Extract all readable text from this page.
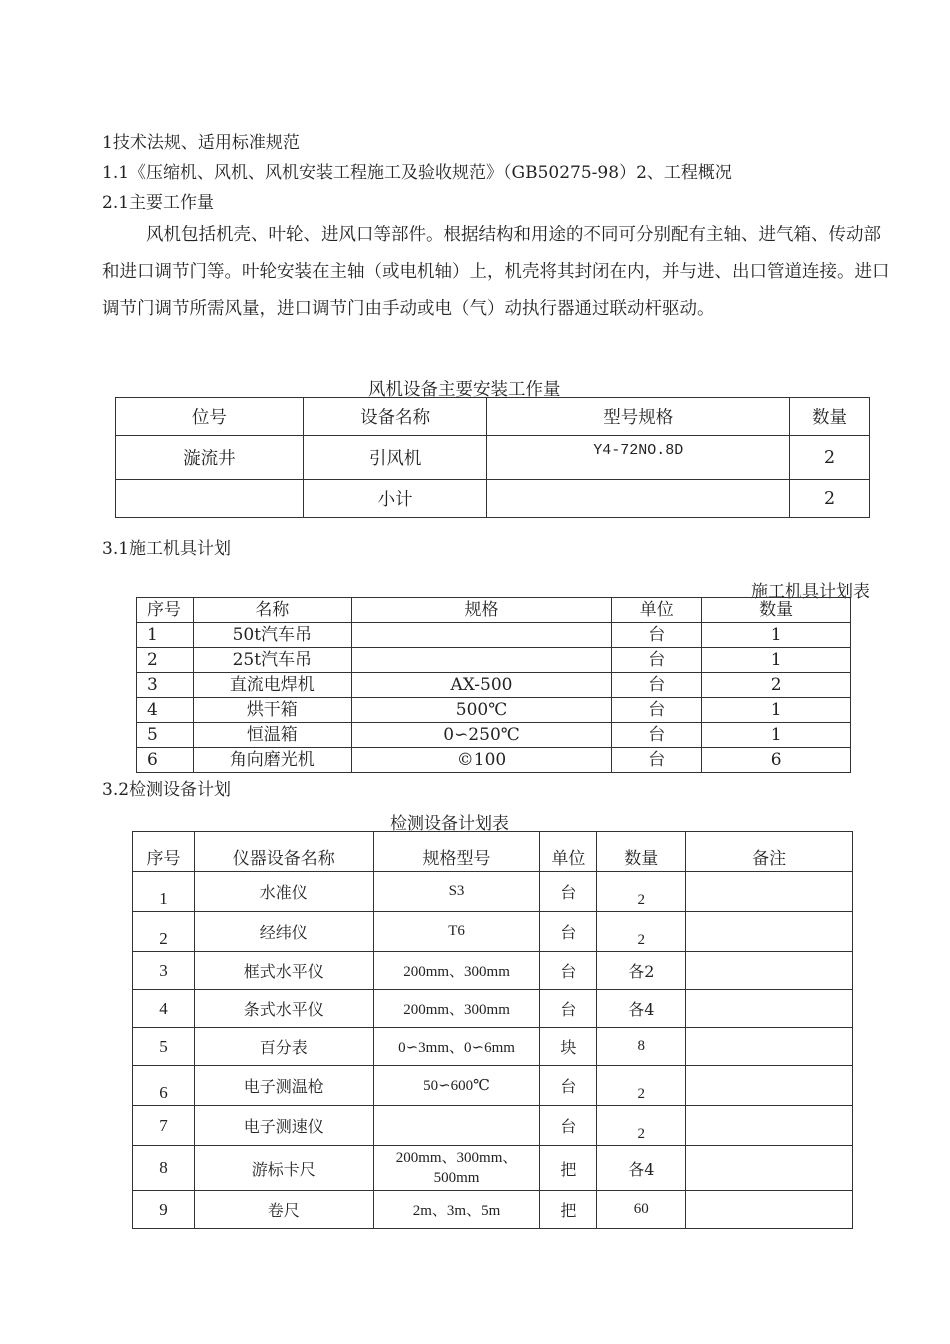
1技术法规、适用标准规范
1.1《压缩机、风机、风机安装工程施工及验收规范》（GB50275-98）2、工程概况
2.1主要工作量
风机包括机壳、叶轮、进风口等部件。根据结构和用途的不同可分别配有主轴、进气箱、传动部和进口调节门等。叶轮安装在主轴（或电机轴）上，机壳将其封闭在内，并与进、出口管道连接。进口调节门调节所需风量，进口调节门由手动或电（气）动执行器通过联动杆驱动。
风机设备主要安装工作量
位号	设备名称	型号规格	数量
漩流井	引风机	Y4-72NO.8D	2
	小计		2
3.1施工机具计划
施工机具计划表
序号	名称	规格	单位	数量
1	50t汽车吊		台	1
2	25t汽车吊		台	1
3	直流电焊机	AX-500	台	2
4	烘干箱	500℃	台	1
5	恒温箱	0∽250℃	台	1
6	角向磨光机	©100	台	6
3.2检测设备计划
检测设备计划表
序号	仪器设备名称	规格型号	单位	数量	备注
1	水准仪	S3	台	2	
2	经纬仪	T6	台	2	
3	框式水平仪	200mm、300mm	台	各2	
4	条式水平仪	200mm、300mm	台	各4	
5	百分表	0∽3mm、0∽6mm	块	8	
6	电子测温枪	50∽600℃	台	2	
7	电子测速仪		台	2	
8	游标卡尺	200mm、300mm、500mm	把	各4	
9	卷尺	2m、3m、5m	把	60	
